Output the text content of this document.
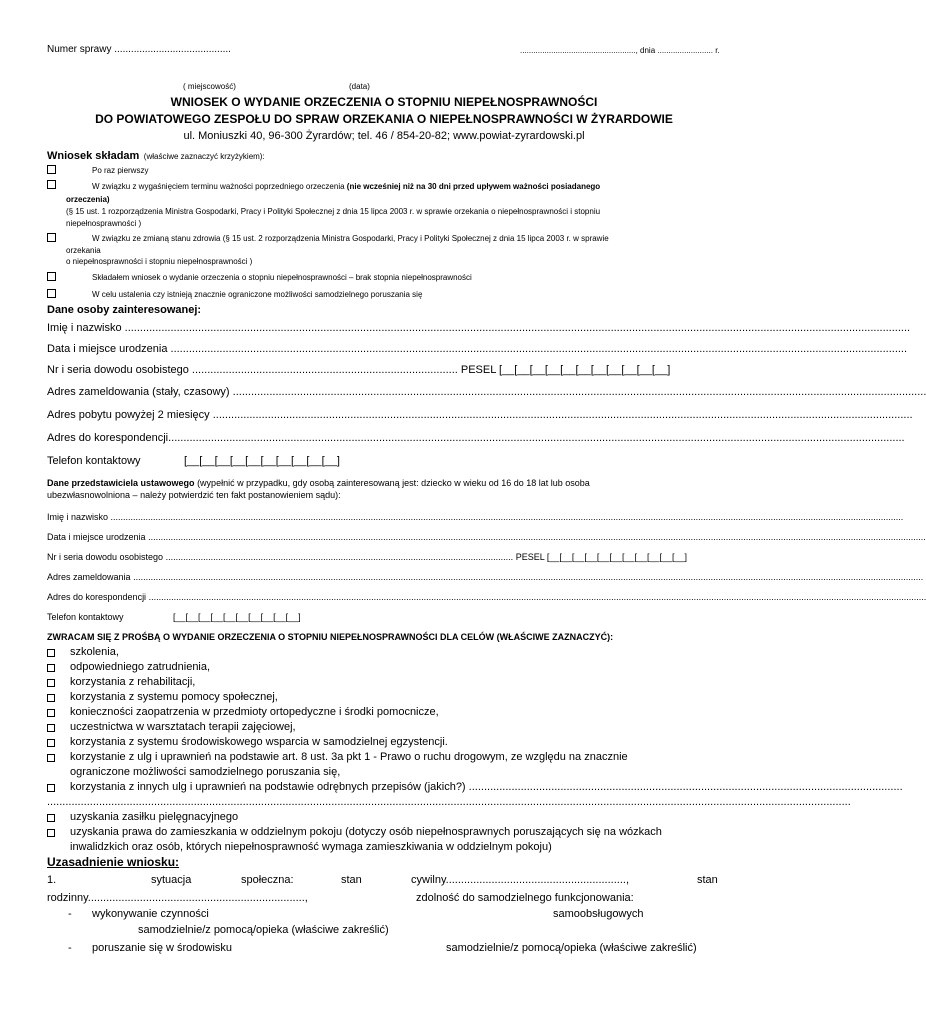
Numer sprawy ..........................................	...................................................., dnia ......................... r.
( miejscowość)	(data)
WNIOSEK O WYDANIE ORZECZENIA O STOPNIU NIEPEŁNOSPRAWNOŚCI
DO POWIATOWEGO ZESPOŁU DO SPRAW ORZEKANIA O NIEPEŁNOSPRAWNOŚCI W ŻYRARDOWIE
ul. Moniuszki 40, 96-300 Żyrardów; tel. 46 / 854-20-82; www.powiat-zyrardowski.pl
Wniosek składam (właściwe zaznaczyć krzyżykiem):
Po raz pierwszy
W związku z wygaśnięciem terminu ważności poprzedniego orzeczenia (nie wcześniej niż na 30 dni przed upływem ważności posiadanego
orzeczenia)
(§ 15 ust. 1 rozporządzenia Ministra Gospodarki, Pracy i Polityki Społecznej z dnia 15 lipca 2003 r. w sprawie orzekania o niepełnosprawności i stopniu
niepełnosprawności )
W związku ze zmianą stanu zdrowia (§ 15 ust. 2 rozporządzenia Ministra Gospodarki, Pracy i Polityki Społecznej z dnia 15 lipca 2003 r. w sprawie
orzekania
o niepełnosprawności i stopniu niepełnosprawności )
Składałem wniosek o wydanie orzeczenia o stopniu niepełnosprawności – brak stopnia niepełnosprawności
W celu ustalenia czy istnieją znacznie ograniczone możliwości samodzielnego poruszania się
Dane osoby zainteresowanej:
Imię i nazwisko .................................................................................................................................................................................................................................................................
Data i miejsce urodzenia .................................................................................................................................................................................................................................................
Nr i seria dowodu osobistego ....................................................................................... PESEL [__[__[__[__[__[__[__[__[__[__[__]
Adres zameldowania (stały, czasowy) ...................................................................................................................................................................................................................................
Adres pobytu powyżej 2 miesięcy .....................................................................................................................................................................................................................................
Adres do korespondencji.................................................................................................................................................................................................................................................
Telefon kontaktowy	[__[__[__[__[__[__[__[__[__[__]
Dane przedstawiciela ustawowego (wypełnić w przypadku, gdy osobą zainteresowaną jest: dziecko w wieku od 16 do 18 lat lub osoba
ubezwłasnowolniona – należy potwierdzić ten fakt postanowieniem sądu):
Imię i nazwisko .............................................................................................................................................................................................................................................................................................................................
Data i miejsce urodzenia .......................................................................................................................................................................................................................................................................................................................
Nr i seria dowodu osobistego ........................................................................................................................................... PESEL [__[__[__[__[__[__[__[__[__[__[__]
Adres zameldowania ............................................................................................................................................................................................................................................................................................................................
Adres do korespondencji .......................................................................................................................................................................................................................................................................................................................
Telefon kontaktowy	[__[__[__[__[__[__[__[__[__[__]
ZWRACAM SIĘ Z PROŚBĄ O WYDANIE ORZECZENIA O STOPNIU NIEPEŁNOSPRAWNOŚCI DLA CELÓW (WŁAŚCIWE ZAZNACZYĆ):
szkolenia,
odpowiedniego zatrudnienia,
korzystania z rehabilitacji,
korzystania z systemu pomocy społecznej,
konieczności zaopatrzenia w przedmioty ortopedyczne i środki pomocnicze,
uczestnictwa w warsztatach terapii zajęciowej,
korzystania z systemu środowiskowego wsparcia w samodzielnej egzystencji.
korzystanie z ulg i uprawnień na podstawie art. 8 ust. 3a pkt 1 - Prawo o ruchu drogowym, ze względu na znacznie
ograniczone możliwości samodzielnego poruszania się,
korzystania z innych ulg i uprawnień na podstawie odrębnych przepisów (jakich?) ..............................................................................................................................................
.......................................................................................................................................................................................................................................................................
uzyskania zasiłku pielęgnacyjnego
uzyskania prawa do zamieszkania w oddzielnym pokoju (dotyczy osób niepełnosprawnych poruszających się na wózkach
inwalidzkich oraz osób, których niepełnosprawność wymaga zamieszkiwania w oddzielnym pokoju)
Uzasadnienie wniosku:
1.	sytuacja	społeczna:	stan	cywilny...........................................................,	stan
rodzinny.......................................................................,	zdolność do samodzielnego funkcjonowania:
- wykonywanie czynności	samoobsługowych
samodzielnie/z pomocą/opieka (właściwe zakreślić)
- poruszanie się w środowisku	samodzielnie/z pomocą/opieka (właściwe zakreślić)
